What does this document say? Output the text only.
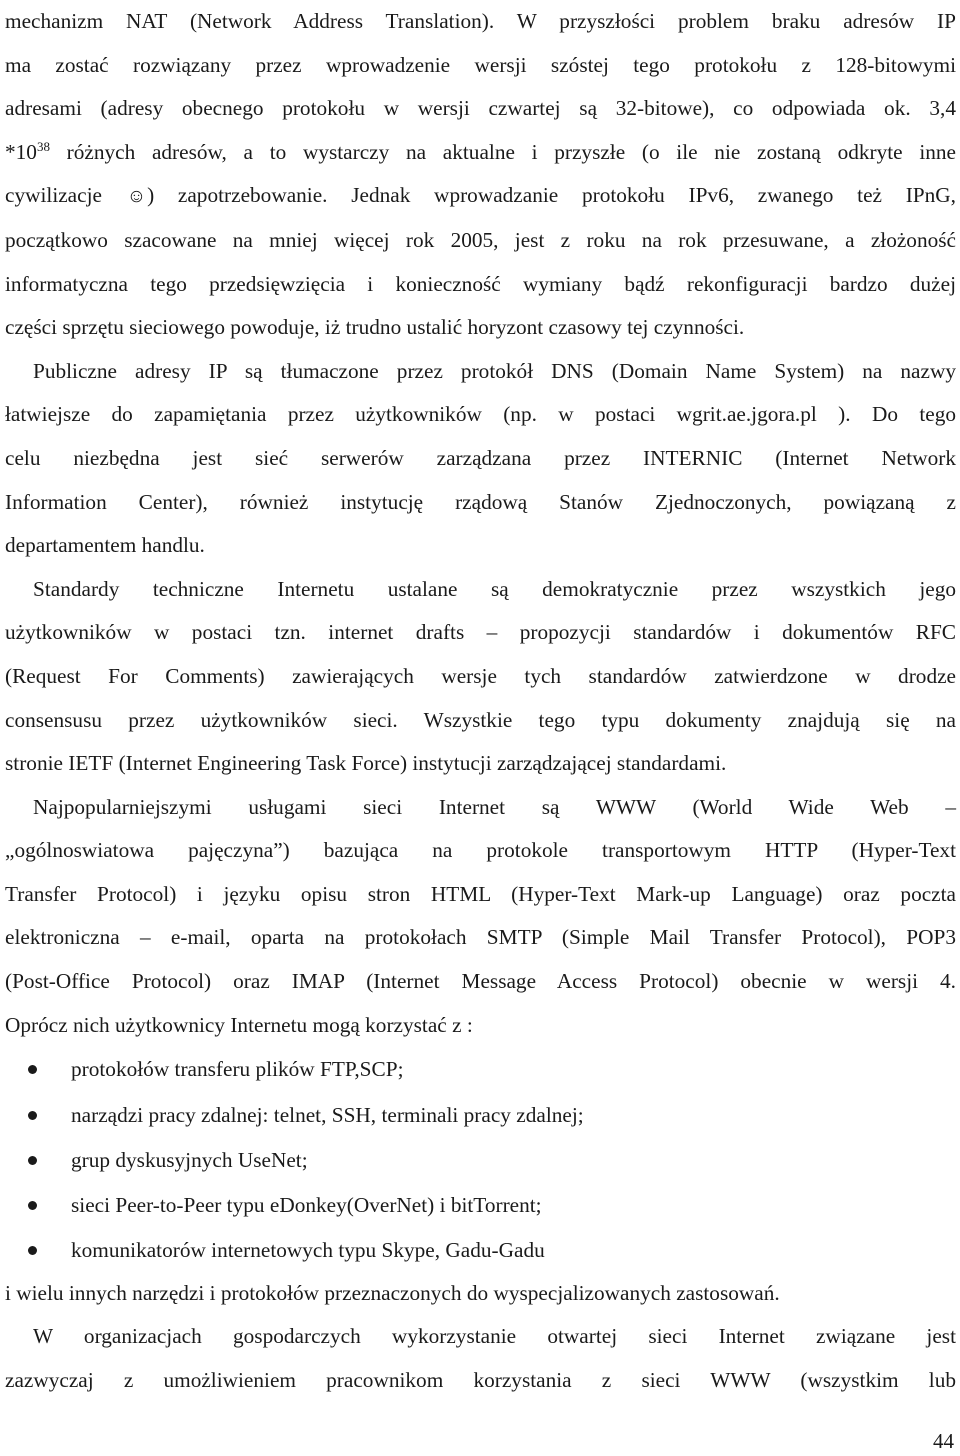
mechanizm NAT (Network Address Translation). W przyszłości problem braku adresów IP
ma zostać rozwiązany przez wprowadzenie wersji szóstej tego protokołu z 128-bitowymi
adresami (adresy obecnego protokołu w wersji czwartej są 32-bitowe), co odpowiada ok. 3,4
$*10^{38}$ różnych adresów, a to wystarczy na aktualne i przyszłe (o ile nie zostaną odkryte inne
cywilizacje ☺) zapotrzebowanie. Jednak wprowadzanie protokołu IPv6, zwanego też IPnG,
początkowo szacowane na mniej więcej rok 2005, jest z roku na rok przesuwane, a złożoność
informatyczna tego przedsięwzięcia i konieczność wymiany bądź rekonfiguracji bardzo dużej
części sprzętu sieciowego powoduje, iż trudno ustalić horyzont czasowy tej czynności.
Publiczne adresy IP są tłumaczone przez protokół DNS (Domain Name System) na nazwy
łatwiejsze do zapamiętania przez użytkowników (np. w postaci wgrit.ae.jgora.pl ). Do tego
celu niezbędna jest sieć serwerów zarządzana przez INTERNIC (Internet Network
Information Center), również instytucję rządową Stanów Zjednoczonych, powiązaną z
departamentem handlu.
Standardy techniczne Internetu ustalane są demokratycznie przez wszystkich jego
użytkowników w postaci tzn. internet drafts – propozycji standardów i dokumentów RFC
(Request For Comments) zawierających wersje tych standardów zatwierdzone w drodze
consensusu przez użytkowników sieci. Wszystkie tego typu dokumenty znajdują się na
stronie IETF (Internet Engineering Task Force) instytucji zarządzającej standardami.
Najpopularniejszymi usługami sieci Internet są WWW (World Wide Web –
„ogólnoswiatowa pajęczyna”) bazująca na protokole transportowym HTTP (Hyper-Text
Transfer Protocol) i języku opisu stron HTML (Hyper-Text Mark-up Language) oraz poczta
elektroniczna – e-mail, oparta na protokołach SMTP (Simple Mail Transfer Protocol), POP3
(Post-Office Protocol) oraz IMAP (Internet Message Access Protocol) obecnie w wersji 4.
Oprócz nich użytkownicy Internetu mogą korzystać z :
protokołów transferu plików FTP,SCP;
narządzi pracy zdalnej: telnet, SSH, terminali pracy zdalnej;
grup dyskusyjnych UseNet;
sieci Peer-to-Peer typu eDonkey(OverNet) i bitTorrent;
komunikatorów internetowych typu Skype, Gadu-Gadu
i wielu innych narzędzi i protokołów przeznaczonych do wyspecjalizowanych zastosowań.
W organizacjach gospodarczych wykorzystanie otwartej sieci Internet związane jest
zazwyczaj z umożliwieniem pracownikom korzystania z sieci WWW (wszystkim lub
44
